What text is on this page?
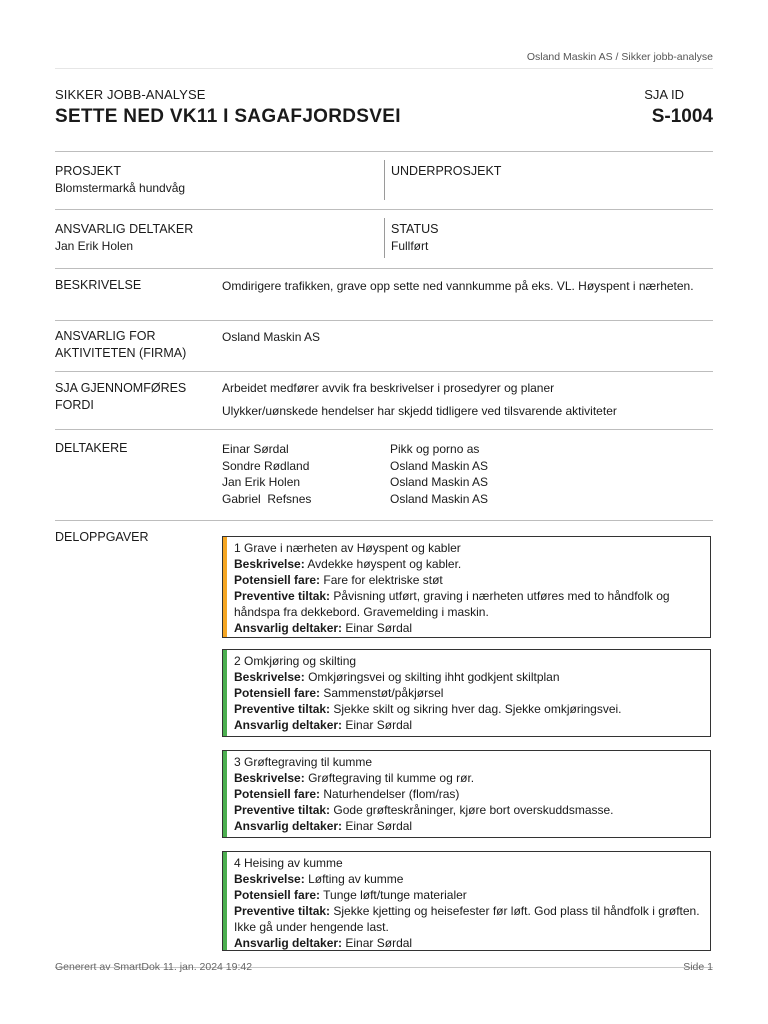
Osland Maskin AS / Sikker jobb-analyse
SIKKER JOBB-ANALYSE
SETTE NED VK11 I SAGAFJORDSVEI
SJA ID
S-1004
PROSJEKT
Blomstermarkå hundvåg
UNDERPROSJEKT
ANSVARLIG DELTAKER
Jan Erik Holen
STATUS
Fullført
BESKRIVELSE	Omdirigere trafikken, grave opp sette ned vannkumme på eks. VL. Høyspent i nærheten.
ANSVARLIG FOR AKTIVITETEN (FIRMA)
Osland Maskin AS
SJA GJENNOMFØRES FORDI
Arbeidet medfører avvik fra beskrivelser i prosedyrer og planer
Ulykker/uønskede hendelser har skjedd tidligere ved tilsvarende aktiviteter
DELTAKERE	Einar Sørdal	Pikk og porno as
Sondre Rødland	Osland Maskin AS
Jan Erik Holen	Osland Maskin AS
Gabriel  Refsnes	Osland Maskin AS
DELOPPGAVER
1 Grave i nærheten av Høyspent og kabler
Beskrivelse: Avdekke høyspent og kabler.
Potensiell fare: Fare for elektriske støt
Preventive tiltak: Påvisning utført, graving i nærheten utføres med to håndfolk og håndspa fra dekkebord. Gravemelding i maskin.
Ansvarlig deltaker: Einar Sørdal
2 Omkjøring og skilting
Beskrivelse: Omkjøringsvei og skilting ihht godkjent skiltplan
Potensiell fare: Sammenstøt/påkjørsel
Preventive tiltak: Sjekke skilt og sikring hver dag. Sjekke omkjøringsvei.
Ansvarlig deltaker: Einar Sørdal
3 Grøftegraving til kumme
Beskrivelse: Grøftegraving til kumme og rør.
Potensiell fare: Naturhendelser (flom/ras)
Preventive tiltak: Gode grøfteskråninger, kjøre bort overskuddsmasse.
Ansvarlig deltaker: Einar Sørdal
4 Heising av kumme
Beskrivelse: Løfting av kumme
Potensiell fare: Tunge løft/tunge materialer
Preventive tiltak: Sjekke kjetting og heisefester før løft. God plass til håndfolk i grøften. Ikke gå under hengende last.
Ansvarlig deltaker: Einar Sørdal
Generert av SmartDok 11. jan. 2024 19:42	Side 1
